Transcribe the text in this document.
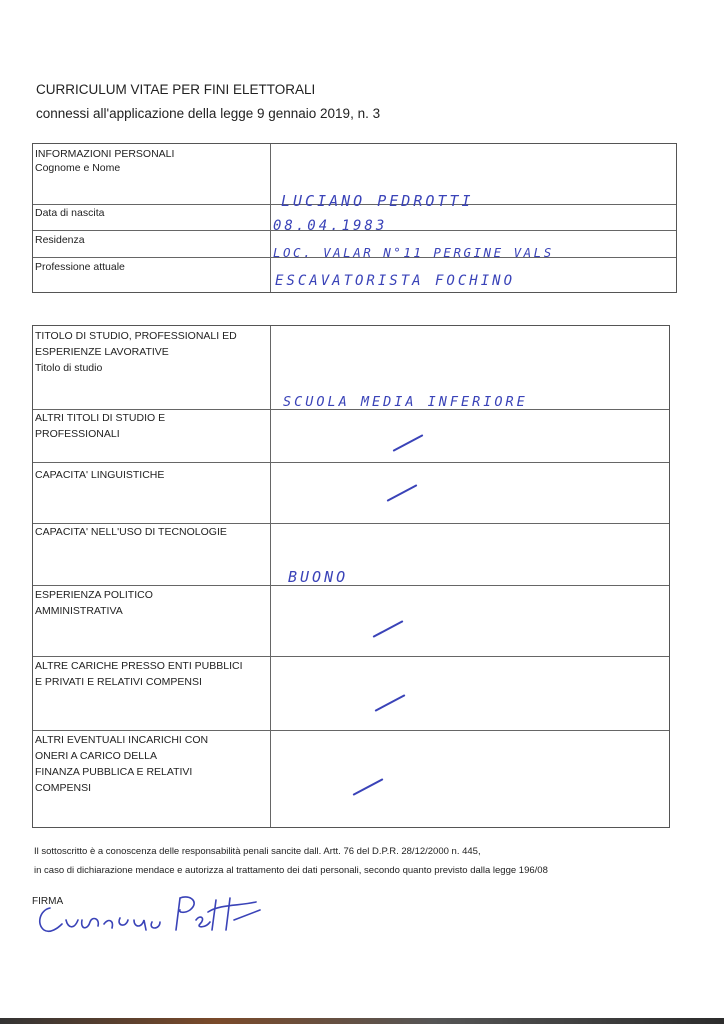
CURRICULUM VITAE PER FINI ELETTORALI
connessi all'applicazione della legge 9 gennaio 2019, n. 3
INFORMAZIONI PERSONALI
Cognome e Nome
Data di nascita
Residenza
Professione attuale
LUCIANO PEDROTTI
08.04.1983
LOC. VALAR N°11 PERGINE VALS
ESCAVATORISTA FOCHINO
TITOLO DI STUDIO, PROFESSIONALI ED
ESPERIENZE LAVORATIVE
Titolo di studio
SCUOLA MEDIA INFERIORE
ALTRI TITOLI DI STUDIO E
PROFESSIONALI
CAPACITA' LINGUISTICHE
CAPACITA' NELL'USO DI TECNOLOGIE
BUONO
ESPERIENZA POLITICO
AMMINISTRATIVA
ALTRE CARICHE PRESSO ENTI PUBBLICI
E PRIVATI E RELATIVI COMPENSI
ALTRI EVENTUALI INCARICHI CON
ONERI A CARICO DELLA
FINANZA PUBBLICA E RELATIVI
COMPENSI
Il sottoscritto è a conoscenza delle responsabilità penali sancite dall. Artt. 76 del D.P.R. 28/12/2000 n. 445,
in caso di dichiarazione mendace e autorizza al trattamento dei dati personali, secondo quanto previsto dalla legge 196/08
FIRMA
